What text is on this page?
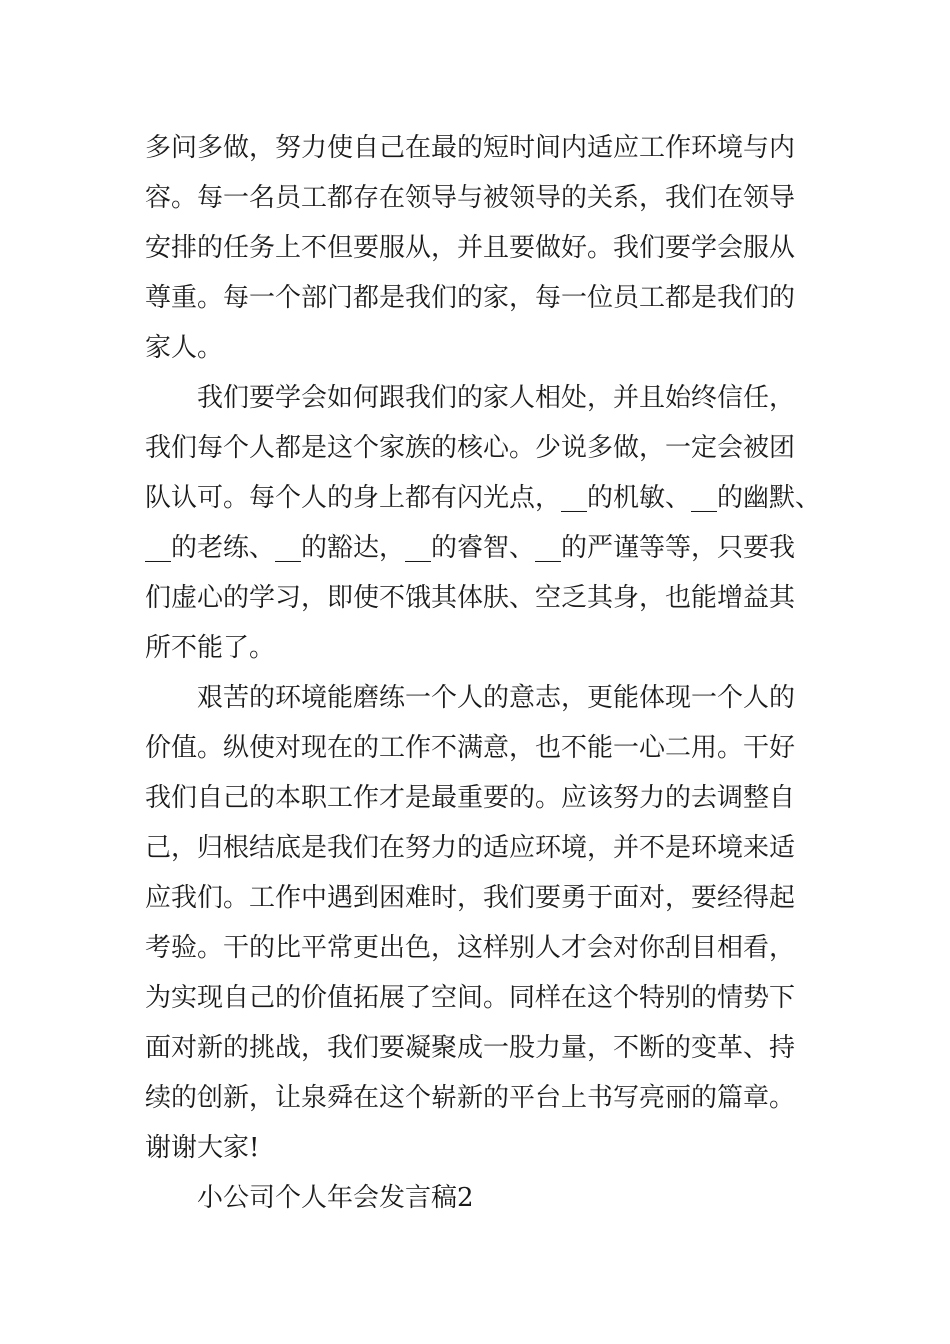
多问多做，努力使自己在最的短时间内适应工作环境与内
容。每一名员工都存在领导与被领导的关系，我们在领导
安排的任务上不但要服从，并且要做好。我们要学会服从
尊重。每一个部门都是我们的家，每一位员工都是我们的
家人。
我们要学会如何跟我们的家人相处，并且始终信任，
我们每个人都是这个家族的核心。少说多做，一定会被团
队认可。每个人的身上都有闪光点，__的机敏、__的幽默、
__的老练、__的豁达，__的睿智、__的严谨等等，只要我
们虚心的学习，即使不饿其体肤、空乏其身，也能增益其
所不能了。
艰苦的环境能磨练一个人的意志，更能体现一个人的
价值。纵使对现在的工作不满意，也不能一心二用。干好
我们自己的本职工作才是最重要的。应该努力的去调整自
己，归根结底是我们在努力的适应环境，并不是环境来适
应我们。工作中遇到困难时，我们要勇于面对，要经得起
考验。干的比平常更出色，这样别人才会对你刮目相看，
为实现自己的价值拓展了空间。同样在这个特别的情势下
面对新的挑战，我们要凝聚成一股力量，不断的变革、持
续的创新，让泉舜在这个崭新的平台上书写亮丽的篇章。
谢谢大家!
小公司个人年会发言稿2
